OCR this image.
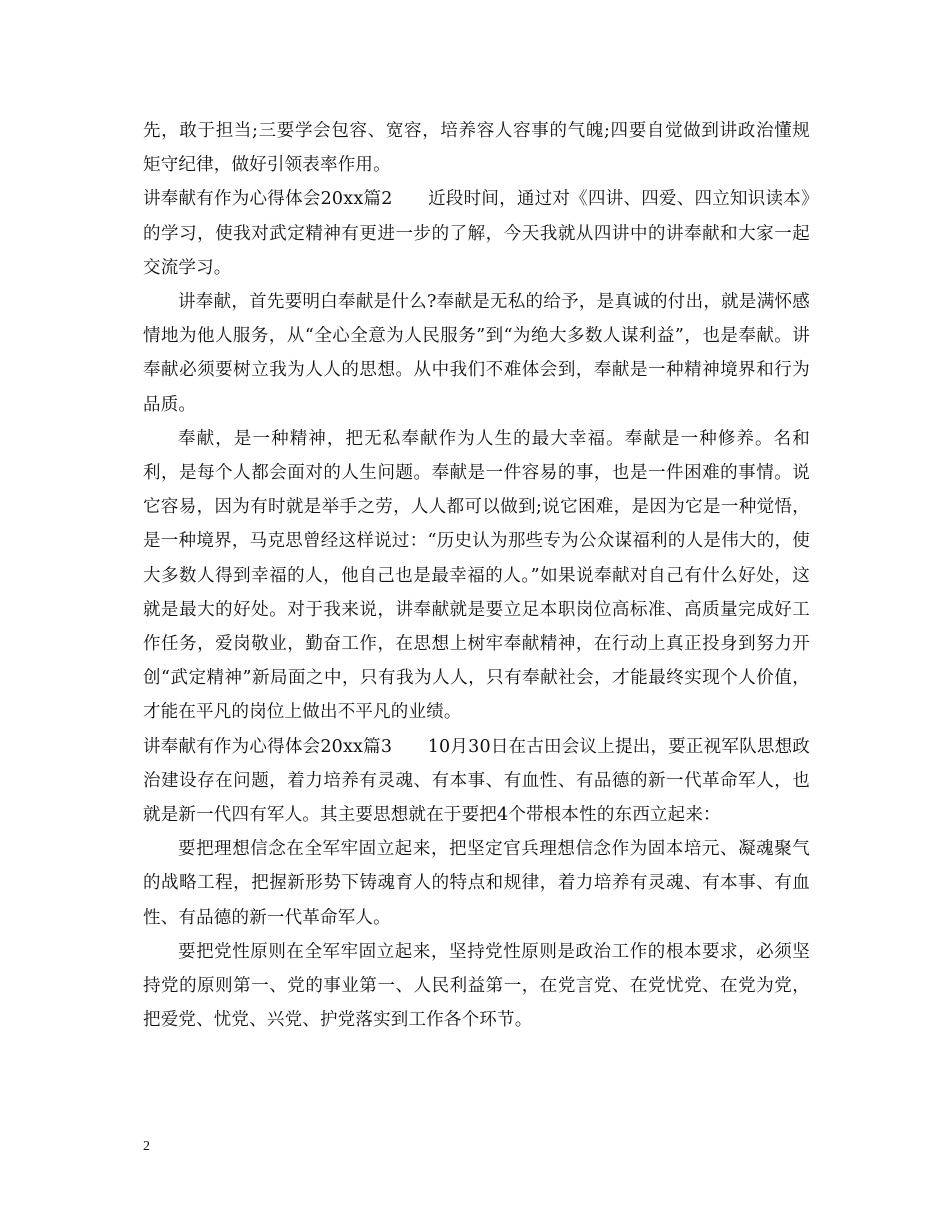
先，敢于担当;三要学会包容、宽容，培养容人容事的气魄;四要自觉做到讲政治懂规矩守纪律，做好引领表率作用。

讲奉献有作为心得体会20xx篇2　　近段时间，通过对《四讲、四爱、四立知识读本》的学习，使我对武定精神有更进一步的了解，今天我就从四讲中的讲奉献和大家一起交流学习。

讲奉献，首先要明白奉献是什么?奉献是无私的给予，是真诚的付出，就是满怀感情地为他人服务，从“全心全意为人民服务”到“为绝大多数人谋利益”，也是奉献。讲奉献必须要树立我为人人的思想。从中我们不难体会到，奉献是一种精神境界和行为品质。

奉献，是一种精神，把无私奉献作为人生的最大幸福。奉献是一种修养。名和利，是每个人都会面对的人生问题。奉献是一件容易的事，也是一件困难的事情。说它容易，因为有时就是举手之劳，人人都可以做到;说它困难，是因为它是一种觉悟，是一种境界，马克思曾经这样说过：“历史认为那些专为公众谋福利的人是伟大的，使大多数人得到幸福的人，他自己也是最幸福的人。”如果说奉献对自己有什么好处，这就是最大的好处。对于我来说，讲奉献就是要立足本职岗位高标准、高质量完成好工作任务，爱岗敬业，勤奋工作，在思想上树牢奉献精神，在行动上真正投身到努力开创“武定精神”新局面之中，只有我为人人，只有奉献社会，才能最终实现个人价值，才能在平凡的岗位上做出不平凡的业绩。

讲奉献有作为心得体会20xx篇3　　10月30日在古田会议上提出，要正视军队思想政治建设存在问题，着力培养有灵魂、有本事、有血性、有品德的新一代革命军人，也就是新一代四有军人。其主要思想就在于要把4个带根本性的东西立起来：

要把理想信念在全军牢固立起来，把坚定官兵理想信念作为固本培元、凝魂聚气的战略工程，把握新形势下铸魂育人的特点和规律，着力培养有灵魂、有本事、有血性、有品德的新一代革命军人。

要把党性原则在全军牢固立起来，坚持党性原则是政治工作的根本要求，必须坚持党的原则第一、党的事业第一、人民利益第一，在党言党、在党忧党、在党为党，把爱党、忧党、兴党、护党落实到工作各个环节。

2
